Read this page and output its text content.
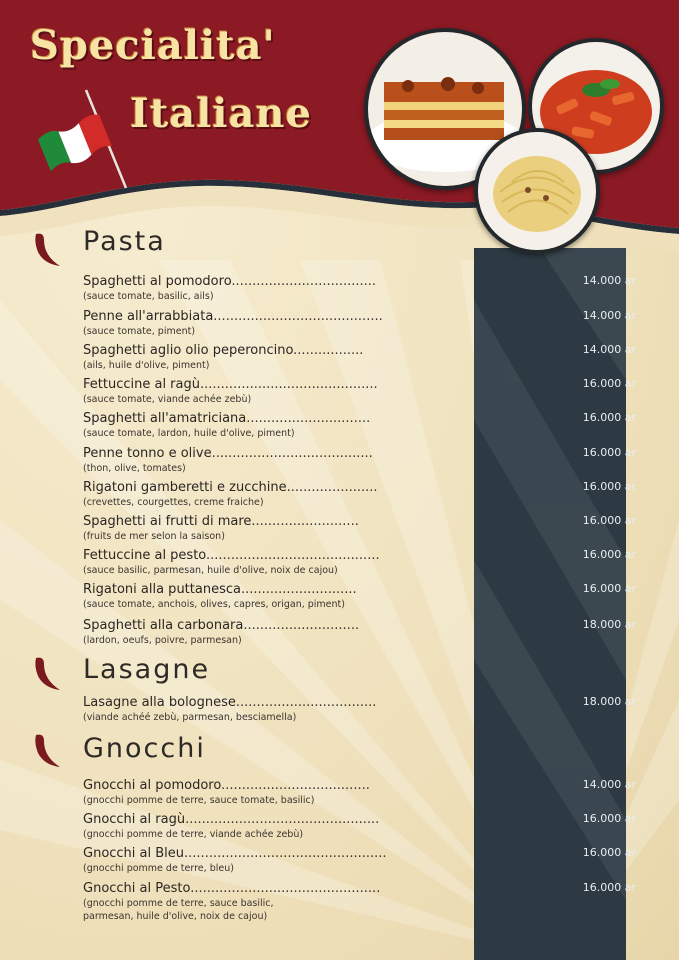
Specialita'
Italiane
Pasta
Spaghetti al pomodoro...................................
(sauce tomate, basilic, ails)
14.000 ar
Penne all'arrabbiata.........................................
(sauce tomate, piment)
14.000 ar
Spaghetti aglio olio peperoncino.................
(ails, huile d'olive, piment)
14.000 ar
Fettuccine al ragù...........................................
(sauce tomate, viande achée zebù)
16.000 ar
Spaghetti all'amatriciana..............................
(sauce tomate, lardon, huile d'olive, piment)
16.000 ar
Penne tonno e olive.......................................
(thon, olive, tomates)
16.000 ar
Rigatoni gamberetti e zucchine......................
(crevettes, courgettes, creme fraiche)
16.000 ar
Spaghetti ai frutti di mare..........................
(fruits de mer selon la saison)
16.000 ar
Fettuccine al pesto..........................................
(sauce basilic, parmesan, huile d'olive, noix de cajou)
16.000 ar
Rigatoni alla puttanesca............................
(sauce tomate, anchois, olives, capres, origan, piment)
16.000 ar
Spaghetti alla carbonara............................
(lardon, oeufs, poivre, parmesan)
18.000 ar
Lasagne
Lasagne alla bolognese..................................
(viande achéé zebù, parmesan, besciamella)
18.000 ar
Gnocchi
Gnocchi al pomodoro....................................
(gnocchi pomme de terre, sauce tomate, basilic)
14.000 ar
Gnocchi al ragù...............................................
(gnocchi pomme de terre, viande achée zebù)
16.000 ar
Gnocchi al Bleu.................................................
(gnocchi pomme de terre, bleu)
16.000 ar
Gnocchi al Pesto..............................................
(gnocchi pomme de terre, sauce basilic,
parmesan, huile d'olive, noix de cajou)
16.000 ar
